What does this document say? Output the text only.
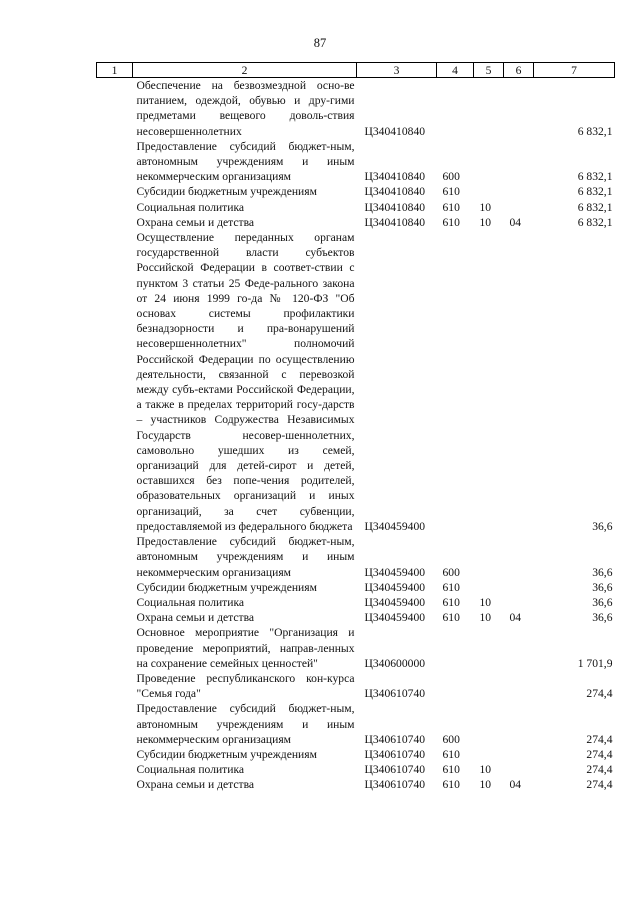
87
1	2	3	4	5	6	7
	Обеспечение на безвозмездной осно-ве питанием, одеждой, обувью и дру-гими предметами вещевого доволь-ствия несовершеннолетних	Ц340410840				6 832,1
	Предоставление субсидий бюджет-ным, автономным учреждениям и иным некоммерческим организациям	Ц340410840	600			6 832,1
	Субсидии бюджетным учреждениям	Ц340410840	610			6 832,1
	Социальная политика	Ц340410840	610	10		6 832,1
	Охрана семьи и детства	Ц340410840	610	10	04	6 832,1
	Осуществление переданных органам государственной власти субъектов Российской Федерации в соответ-ствии с пунктом 3 статьи 25 Феде-рального закона от 24 июня 1999 го-да № 120-ФЗ "Об основах системы профилактики безнадзорности и пра-вонарушений несовершеннолетних" полномочий Российской Федерации по осуществлению деятельности, связанной с перевозкой между субъ-ектами Российской Федерации, а также в пределах территорий госу-дарств – участников Содружества Независимых Государств несовер-шеннолетних, самовольно ушедших из семей, организаций для детей-сирот и детей, оставшихся без попе-чения родителей, образовательных организаций и иных организаций, за счет субвенции, предоставляемой из федерального бюджета	Ц340459400				36,6
	Предоставление субсидий бюджет-ным, автономным учреждениям и иным некоммерческим организациям	Ц340459400	600			36,6
	Субсидии бюджетным учреждениям	Ц340459400	610			36,6
	Социальная политика	Ц340459400	610	10		36,6
	Охрана семьи и детства	Ц340459400	610	10	04	36,6
	Основное мероприятие "Организация и проведение мероприятий, направ-ленных на сохранение семейных ценностей"	Ц340600000				1 701,9
	Проведение республиканского кон-курса "Семья года"	Ц340610740				274,4
	Предоставление субсидий бюджет-ным, автономным учреждениям и иным некоммерческим организациям	Ц340610740	600			274,4
	Субсидии бюджетным учреждениям	Ц340610740	610			274,4
	Социальная политика	Ц340610740	610	10		274,4
	Охрана семьи и детства	Ц340610740	610	10	04	274,4
